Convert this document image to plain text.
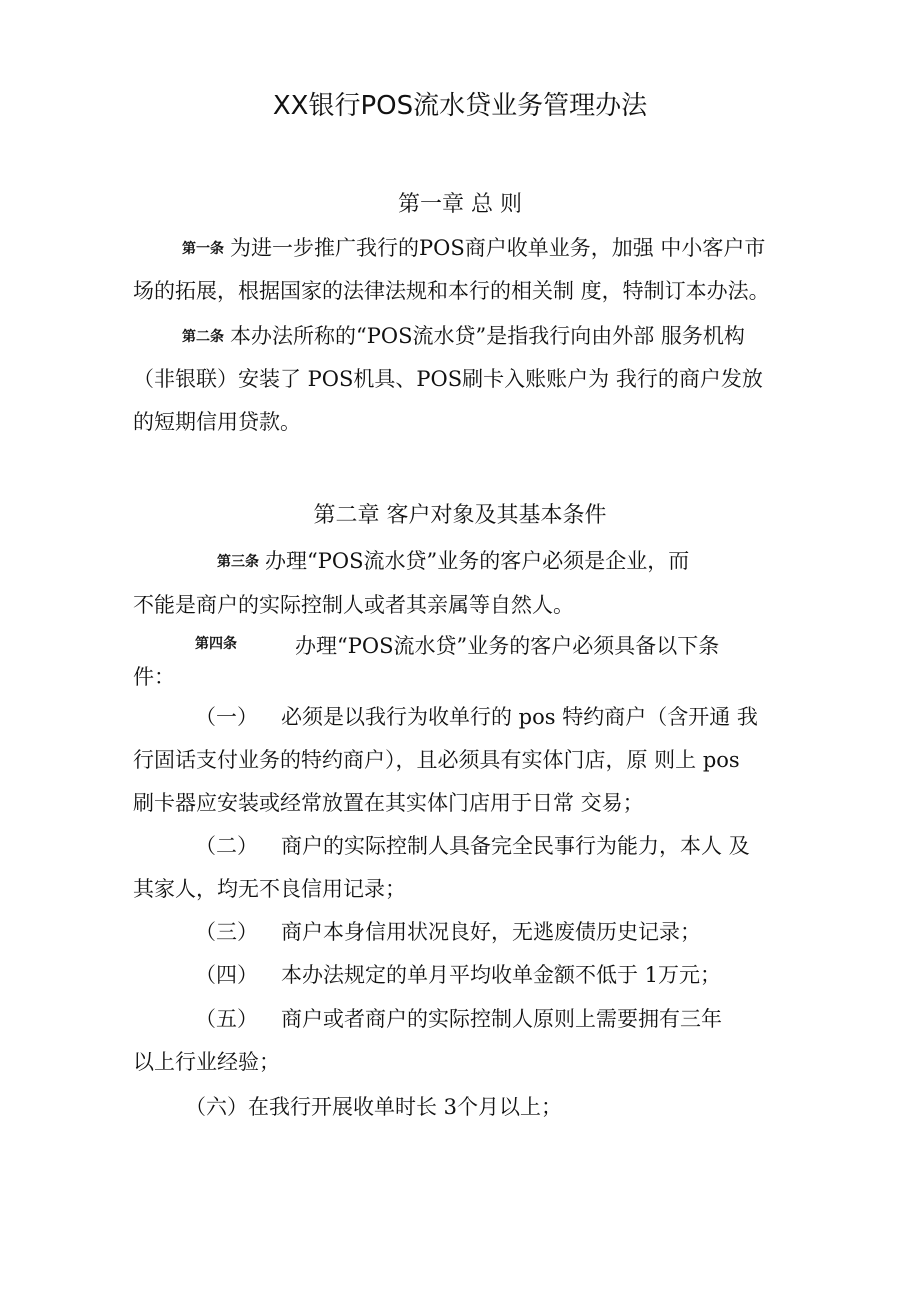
XX银行POS流水贷业务管理办法
第一章 总 则
第一条 为进一步推广我行的POS商户收单业务，加强 中小客户市
场的拓展，根据国家的法律法规和本行的相关制 度，特制订本办法。
第二条 本办法所称的“POS流水贷”是指我行向由外部 服务机构
（非银联）安装了 POS机具、POS刷卡入账账户为 我行的商户发放
的短期信用贷款。
第二章 客户对象及其基本条件
第三条 办理“POS流水贷”业务的客户必须是企业，而
不能是商户的实际控制人或者其亲属等自然人。
第四条	办理“POS流水贷”业务的客户必须具备以下条
件：
（一） 必须是以我行为收单行的 pos 特约商户（含开通 我
行固话支付业务的特约商户），且必须具有实体门店，原 则上 pos
刷卡器应安装或经常放置在其实体门店用于日常 交易；
（二） 商户的实际控制人具备完全民事行为能力，本人 及
其家人，均无不良信用记录；
（三） 商户本身信用状况良好，无逃废债历史记录；
（四） 本办法规定的单月平均收单金额不低于 1万元；
（五） 商户或者商户的实际控制人原则上需要拥有三年
以上行业经验；
（六）在我行开展收单时长 3个月以上；
